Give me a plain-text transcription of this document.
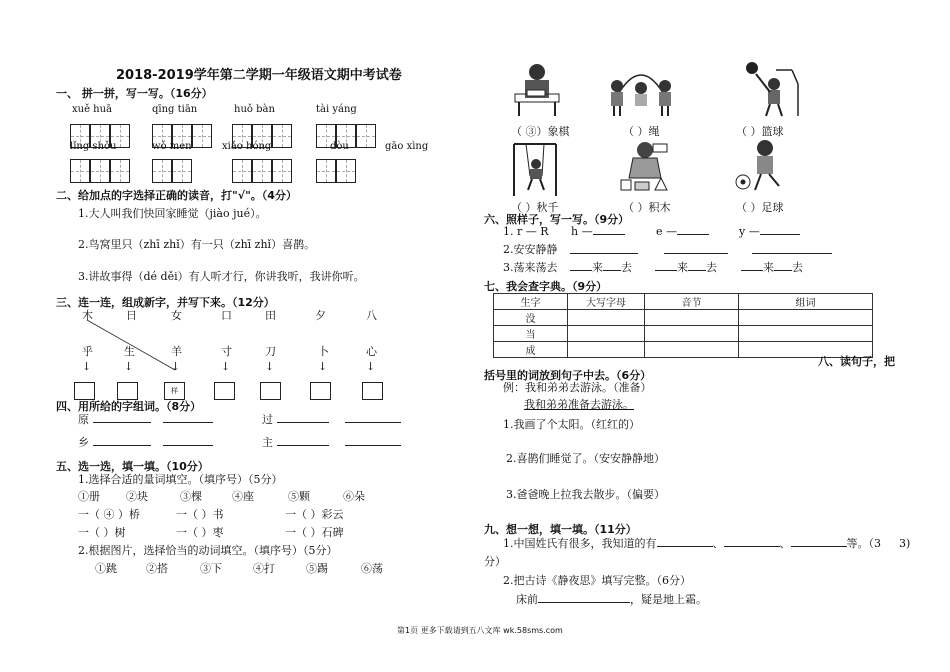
2018-2019学年第二学期一年级语文期中考试卷
一、 拼一拼，写一写。（16分）
xuě huā	qīng tiān	huǒ bàn	tài yáng
lǐng shǒu	wǒ men	xiǎo hóng	dòu	gāo xìng
二、给加点的字选择正确的读音，打"√"。（4分）
1.大人叫我们快回家睡觉（jiào jué）。
2.鸟窝里只（zhī zhǐ）有一只（zhī zhǐ）喜鹊。
3.讲故事得（dé děi）有人听才行，你讲我听，我讲你听。
三、连一连，组成新字，并写下来。（12分）
木	日	女	口	田	夕	八
乎	生	羊	寸	刀	卜	心
↓	↓	↓	↓	↓	↓	↓
样
四、用所给的字组词。（8分）
原	过
乡	主
五、选一选，填一填。（10分）
1.选择合适的量词填空。（填序号）（5分）
①册 ②块	③棵	④座	⑤颗	⑥朵
一（ ④ ）桥	一（ ）书	一（ ）彩云
一（ ）树	一（ ）枣	一（ ）石碑
2.根据图片，选择恰当的动词填空。（填序号）（5分）
①跳	②搭	③下	④打	⑤踢	⑥荡
（ ③）象棋	（ ）绳	（ ）篮球
（ ）秋千	（ ）积木	（ ）足球
六、照样子，写一写。（9分）
1. r — R h —	e —	y —
2.安安静静
3.荡来荡去	来 去	来 去	来 去
七、我会查字典。（9分）
生字	大写字母	音节	组词
没			
当			
成			
八、读句子，把
括号里的词放到句子中去。（6分）
例：我和弟弟去游泳。（准备）
我和弟弟准备去游泳。
1.我画了个太阳。（红红的）
2.喜鹊们睡觉了。（安安静静地）
3.爸爸晚上拉我去散步。（偏要）
九、想一想，填一填。（11分）
1.中国姓氏有很多，我知道的有	、	、	等。（3 3)
分）
2.把古诗《静夜思》填写完整。（6分）
床前	，疑是地上霜。
第1页 更多下载请到五八文库 wk.58sms.com
